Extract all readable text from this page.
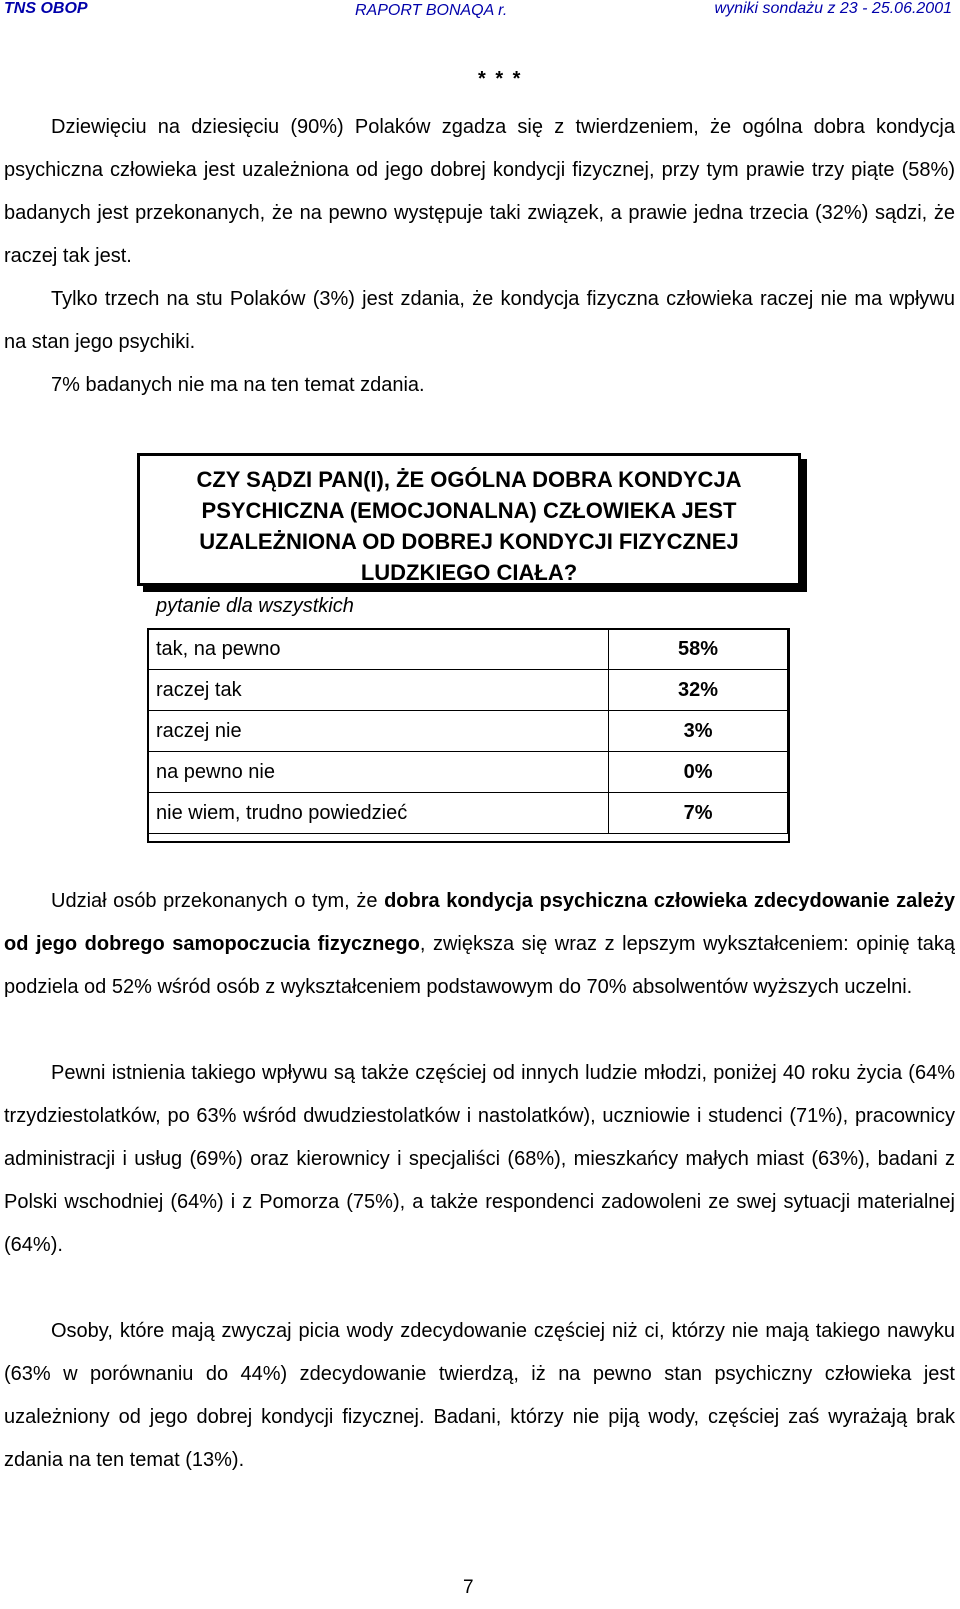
TNS OBOP	RAPORT BONAQA r.	wyniki sondażu z 23 - 25.06.2001
* * *

Dziewięciu na dziesięciu (90%) Polaków zgadza się z twierdzeniem, że ogólna dobra kondycja psychiczna człowieka jest uzależniona od jego dobrej kondycji fizycznej, przy tym prawie trzy piąte (58%) badanych jest przekonanych, że na pewno występuje taki związek, a prawie jedna trzecia (32%) sądzi, że raczej tak jest.

Tylko trzech na stu Polaków (3%) jest zdania, że kondycja fizyczna człowieka raczej nie ma wpływu na stan jego psychiki.

7% badanych nie ma na ten temat zdania.

CZY SĄDZI PAN(I), ŻE OGÓLNA DOBRA KONDYCJA PSYCHICZNA (EMOCJONALNA) CZŁOWIEKA JEST UZALEŻNIONA OD DOBREJ KONDYCJI FIZYCZNEJ LUDZKIEGO CIAŁA?

pytanie dla wszystkich
tak, na pewno	58%
raczej tak	32%
raczej nie	3%
na pewno nie	0%
nie wiem, trudno powiedzieć	7%

Udział osób przekonanych o tym, że dobra kondycja psychiczna człowieka zdecydowanie zależy od jego dobrego samopoczucia fizycznego, zwiększa się wraz z lepszym wykształceniem: opinię taką podziela od 52% wśród osób z wykształceniem podstawowym do 70% absolwentów wyższych uczelni.

Pewni istnienia takiego wpływu są także częściej od innych ludzie młodzi, poniżej 40 roku życia (64% trzydziestolatków, po 63% wśród dwudziestolatków i nastolatków), uczniowie i studenci (71%), pracownicy administracji i usług (69%) oraz kierownicy i specjaliści (68%), mieszkańcy małych miast (63%), badani z Polski wschodniej (64%) i z Pomorza (75%), a także respondenci zadowoleni ze swej sytuacji materialnej (64%).

Osoby, które mają zwyczaj picia wody zdecydowanie częściej niż ci, którzy nie mają takiego nawyku (63% w porównaniu do 44%) zdecydowanie twierdzą, iż na pewno stan psychiczny człowieka jest uzależniony od jego dobrej kondycji fizycznej. Badani, którzy nie piją wody, częściej zaś wyrażają brak zdania na ten temat (13%).

7
